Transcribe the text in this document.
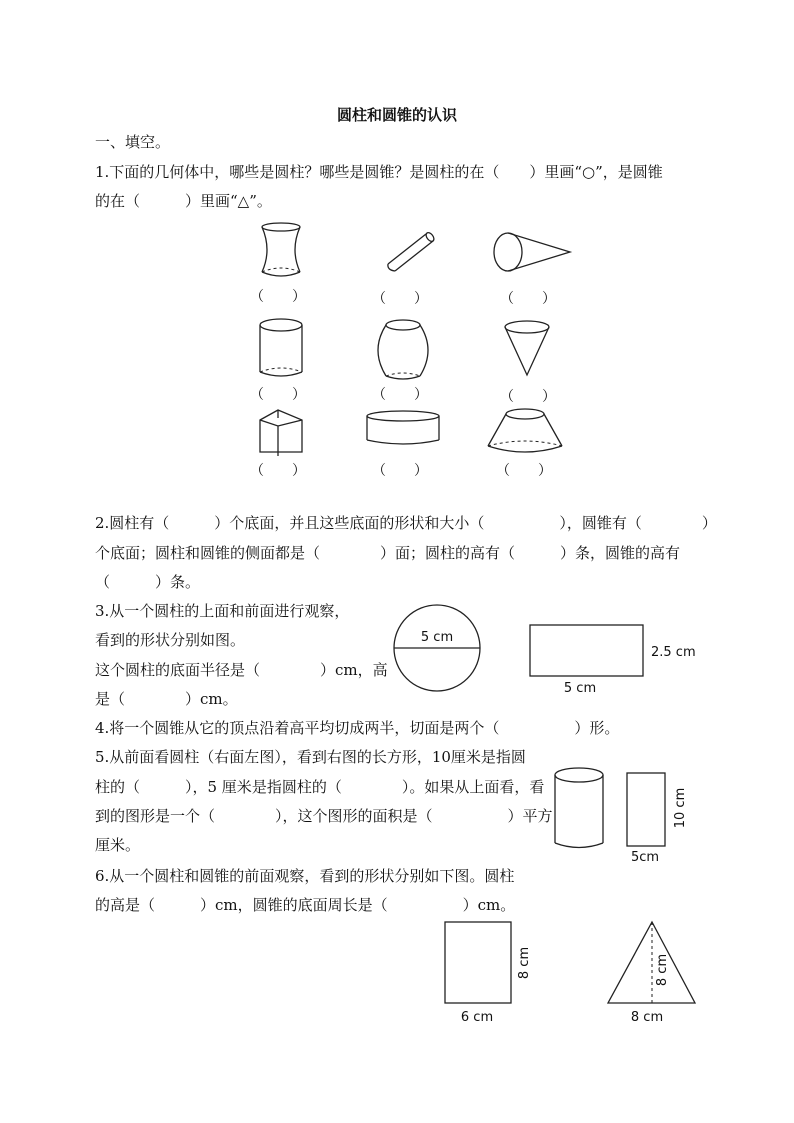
圆柱和圆锥的认识
一、填空。
1.下面的几何体中，哪些是圆柱？哪些是圆锥？是圆柱的在（　　）里画“○”，是圆锥
的在（　　　）里画“△”。
（　　）	（　　）	（　　）
（　　）	（　　）	（　　）
（　　）	（　　）	（　　）
2.圆柱有（　　　）个底面，并且这些底面的形状和大小（　　　　　），圆锥有（　　　　）
个底面；圆柱和圆锥的侧面都是（　　　　）面；圆柱的高有（　　　）条，圆锥的高有
（　　　）条。
3.从一个圆柱的上面和前面进行观察，
看到的形状分别如图。
这个圆柱的底面半径是（　　　　）cm，高
是（　　　　）cm。
5 cm
2.5 cm
5 cm
4.将一个圆锥从它的顶点沿着高平均切成两半，切面是两个（　　　　　）形。
5.从前面看圆柱（右面左图），看到右图的长方形，10厘米是指圆
柱的（　　　），5 厘米是指圆柱的（　　　　）。如果从上面看，看
到的图形是一个（　　　　），这个图形的面积是（　　　　　）平方
厘米。
10 cm
5cm
6.从一个圆柱和圆锥的前面观察，看到的形状分别如下图。圆柱
的高是（　　　）cm，圆锥的底面周长是（　　　　　）cm。
8 cm
6 cm
8 cm
8 cm
